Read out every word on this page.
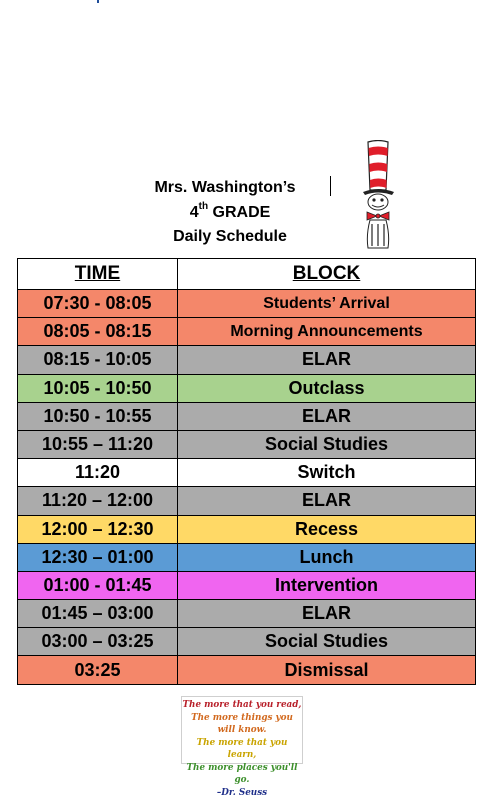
Mrs. Washington’s
4th GRADE
Daily Schedule
TIME	BLOCK
07:30 - 08:05	Students’ Arrival
08:05 - 08:15	Morning Announcements
08:15 - 10:05	ELAR
10:05 - 10:50	Outclass
10:50 - 10:55	ELAR
10:55 – 11:20	Social Studies
11:20	Switch
11:20 – 12:00	ELAR
12:00 – 12:30	Recess
12:30 – 01:00	Lunch
01:00 - 01:45	Intervention
01:45 – 03:00	ELAR
03:00 – 03:25	Social Studies
03:25	Dismissal
The more that you read,
The more things you will know.
The more that you learn,
The more places you'll go.
–Dr. Seuss
